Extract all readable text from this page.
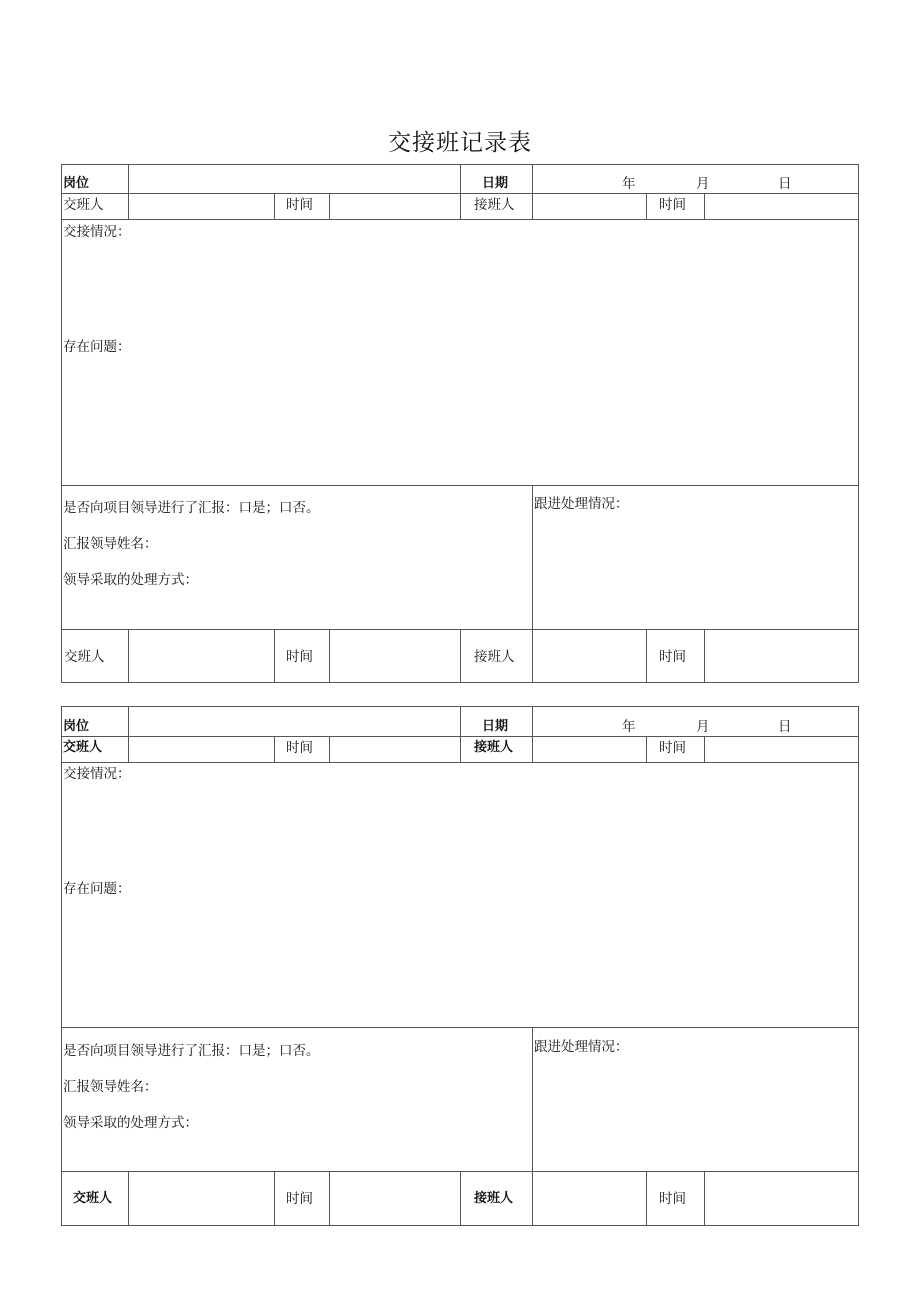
交接班记录表
岗位	日期	年	月	日
交班人	时间	接班人	时间
交接情况：
存在问题：
是否向项目领导进行了汇报：口是；口否。
汇报领导姓名：
领导采取的处理方式：
跟进处理情况：
交班人	时间	接班人	时间
岗位	日期	年	月	日
交班人	时间	接班人	时间
交接情况：
存在问题：
是否向项目领导进行了汇报：口是；口否。
汇报领导姓名：
领导采取的处理方式：
跟进处理情况：
交班人	时间	接班人	时间
